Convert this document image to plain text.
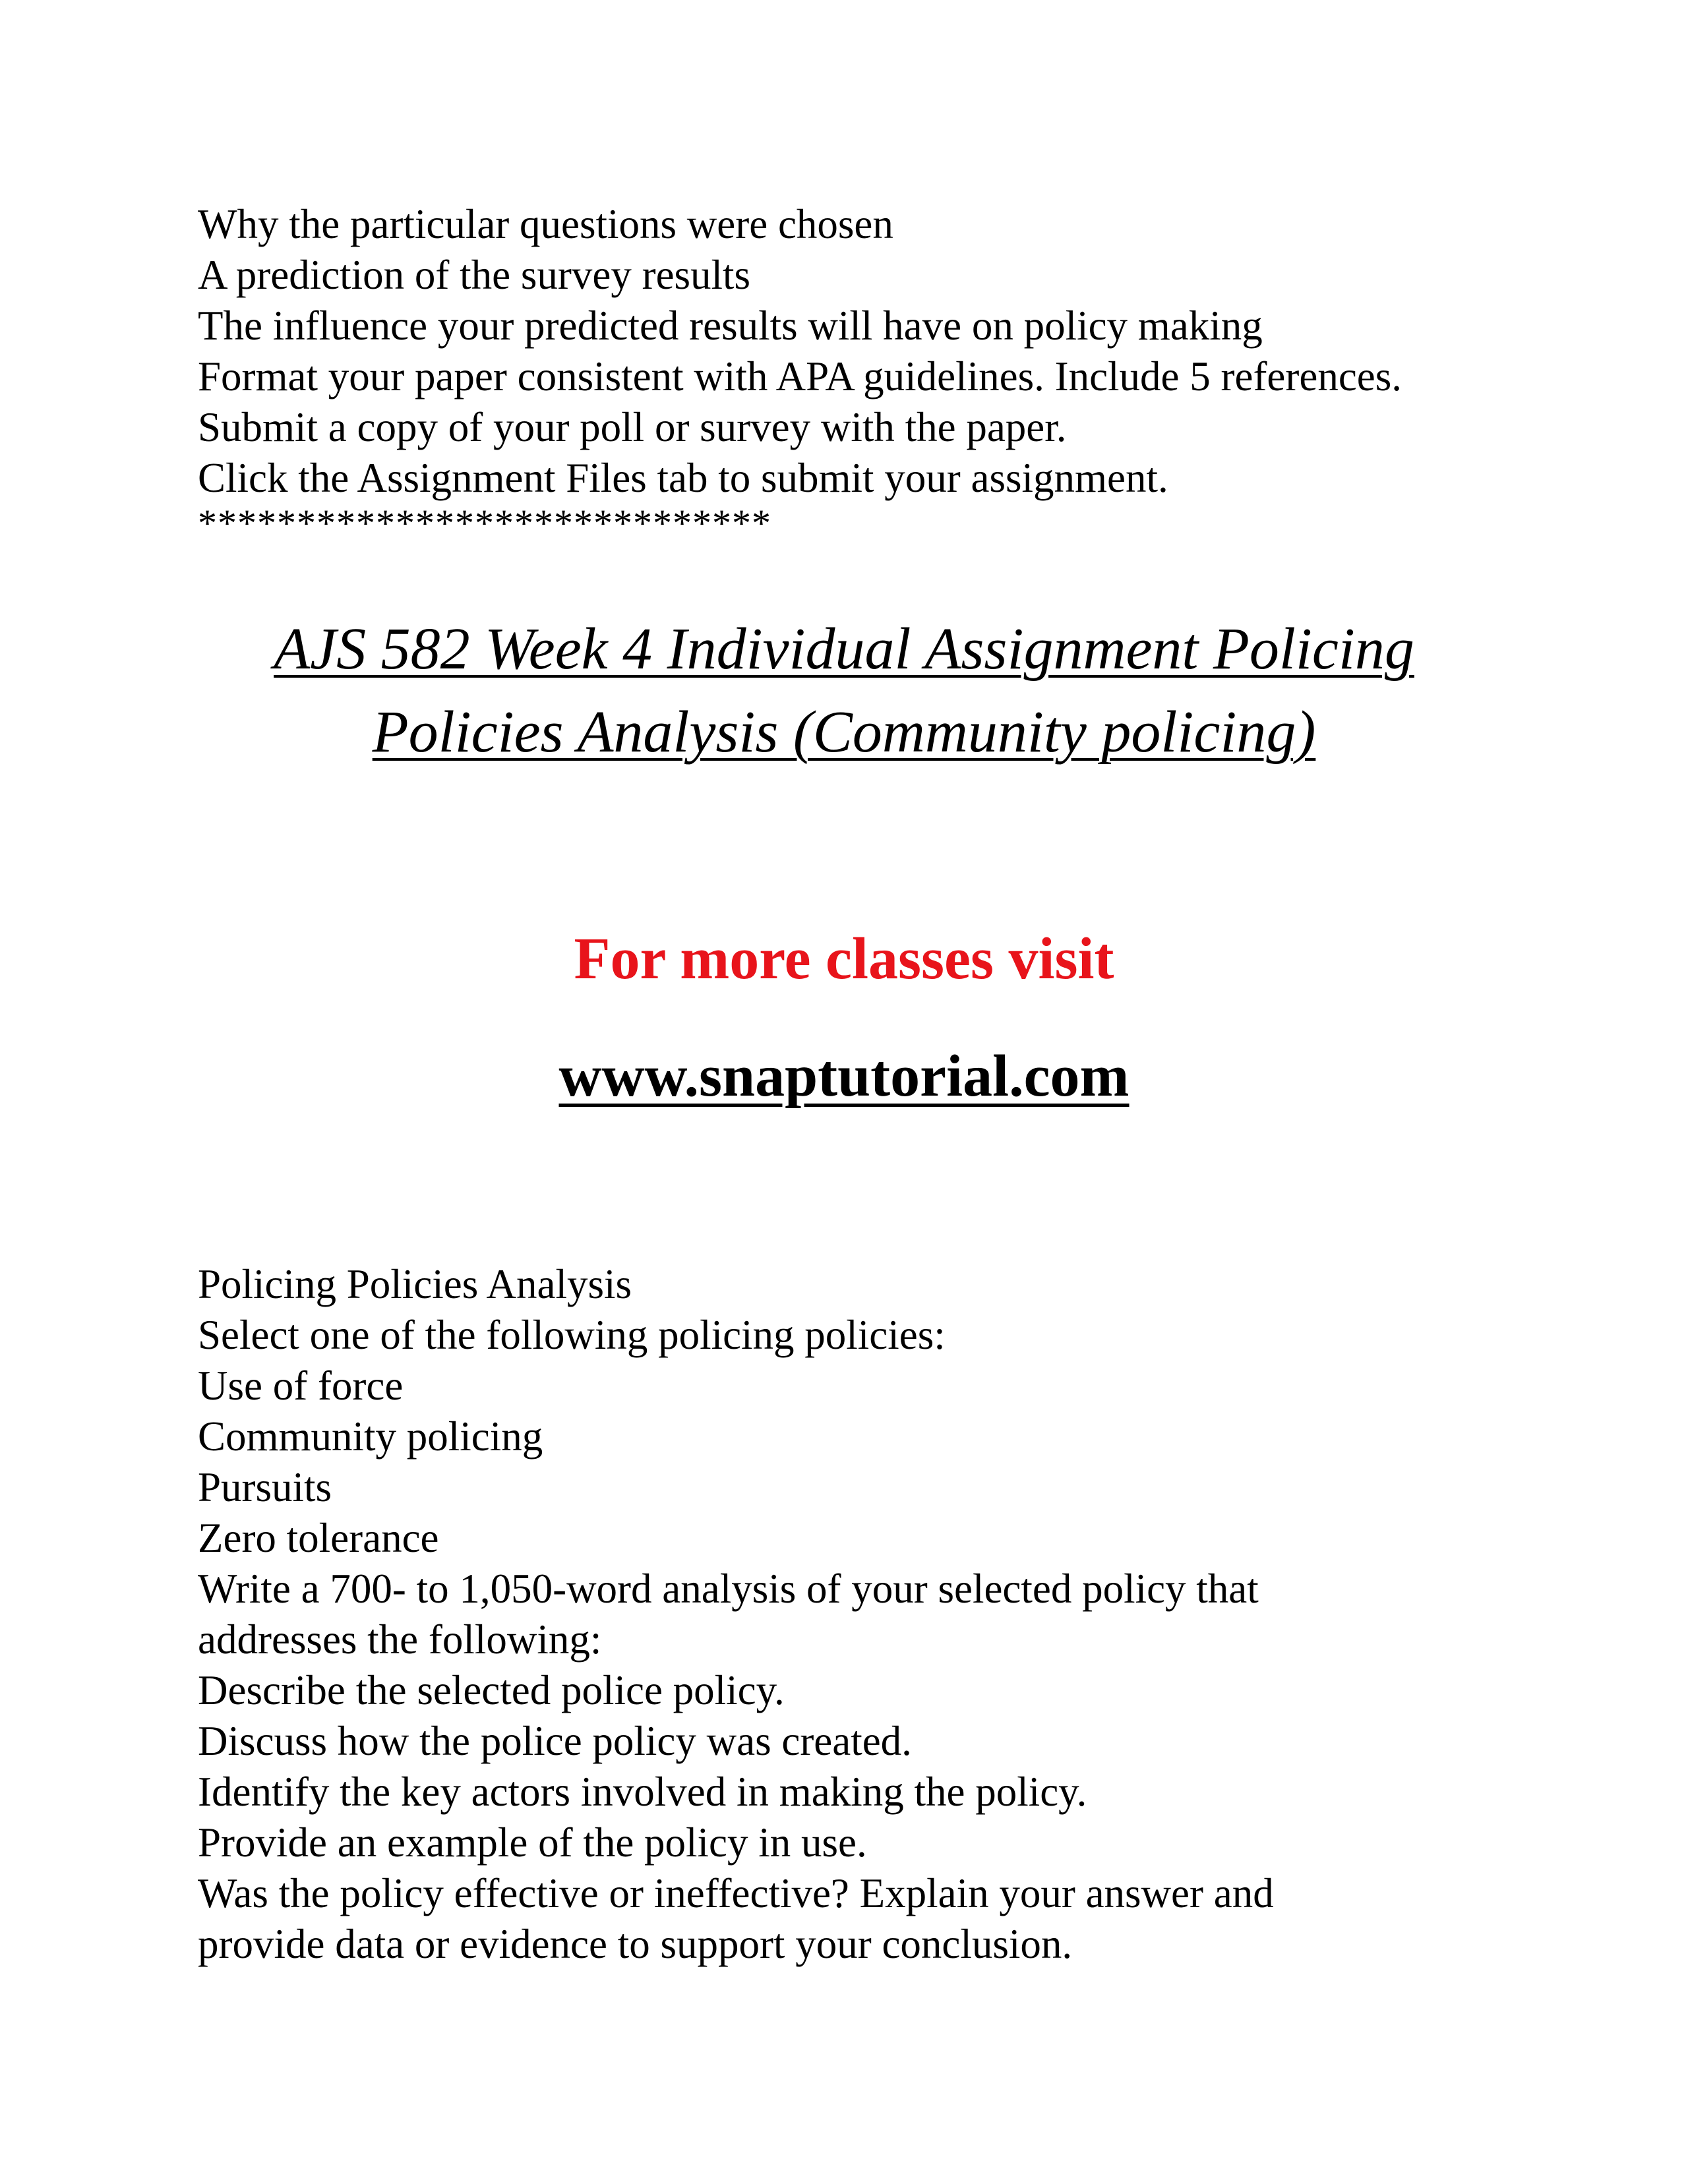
Why the particular questions were chosen
A prediction of the survey results
The influence your predicted results will have on policy making
Format your paper consistent with APA guidelines. Include 5 references.
Submit a copy of your poll or survey with the paper.
Click the Assignment Files tab to submit your assignment.
*****************************
AJS 582 Week 4 Individual Assignment Policing
Policies Analysis (Community policing)
For more classes visit
www.snaptutorial.com
Policing Policies Analysis
Select one of the following policing policies:
Use of force
Community policing
Pursuits
Zero tolerance
Write a 700- to 1,050-word analysis of your selected policy that
addresses the following:
Describe the selected police policy.
Discuss how the police policy was created.
Identify the key actors involved in making the policy.
Provide an example of the policy in use.
Was the policy effective or ineffective? Explain your answer and
provide data or evidence to support your conclusion.
